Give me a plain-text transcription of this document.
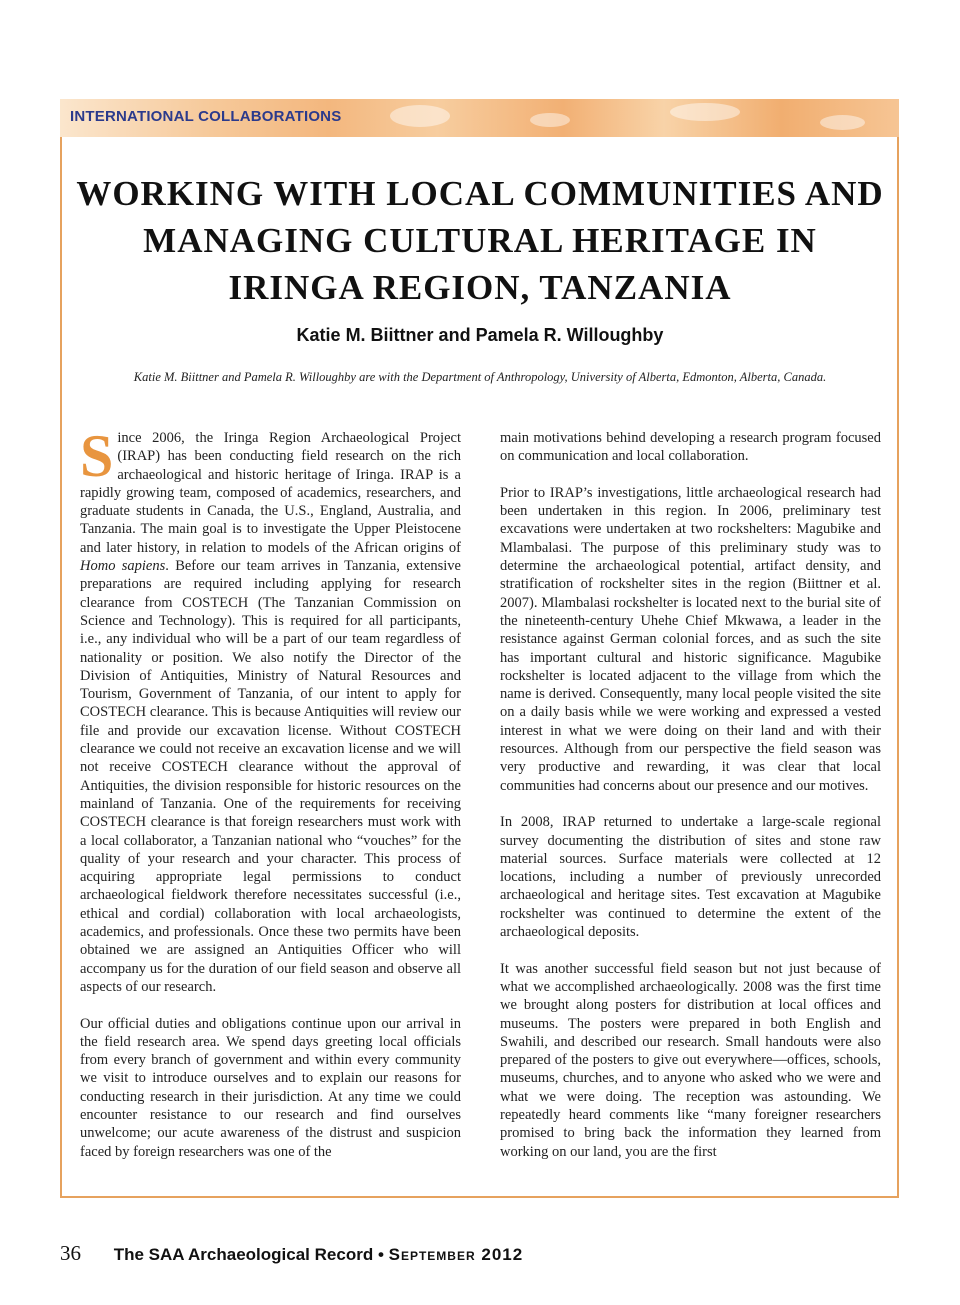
INTERNATIONAL COLLABORATIONS
WORKING WITH LOCAL COMMUNITIES AND MANAGING CULTURAL HERITAGE IN IRINGA REGION, TANZANIA
Katie M. Biittner and Pamela R. Willoughby
Katie M. Biittner and Pamela R. Willoughby are with the Department of Anthropology, University of Alberta, Edmonton, Alberta, Canada.

Since 2006, the Iringa Region Archaeological Project (IRAP) has been conducting field research on the rich archaeological and historic heritage of Iringa. IRAP is a rapidly growing team, composed of academics, researchers, and graduate students in Canada, the U.S., England, Australia, and Tanzania. The main goal is to investigate the Upper Pleistocene and later history, in relation to models of the African origins of Homo sapiens. Before our team arrives in Tanzania, extensive preparations are required including applying for research clearance from COSTECH (The Tanzanian Commission on Science and Technology). This is required for all participants, i.e., any individual who will be a part of our team regardless of nationality or position. We also notify the Director of the Division of Antiquities, Ministry of Natural Resources and Tourism, Government of Tanzania, of our intent to apply for COSTECH clearance. This is because Antiquities will review our file and provide our excavation license. Without COSTECH clearance we could not receive an excavation license and we will not receive COSTECH clearance without the approval of Antiquities, the division responsible for historic resources on the mainland of Tanzania. One of the requirements for receiving COSTECH clearance is that foreign researchers must work with a local collaborator, a Tanzanian national who “vouches” for the quality of your research and your character. This process of acquiring appropriate legal permissions to conduct archaeological fieldwork therefore necessitates successful (i.e., ethical and cordial) collaboration with local archaeologists, academics, and professionals. Once these two permits have been obtained we are assigned an Antiquities Officer who will accompany us for the duration of our field season and observe all aspects of our research.

Our official duties and obligations continue upon our arrival in the field research area. We spend days greeting local officials from every branch of government and within every community we visit to introduce ourselves and to explain our reasons for conducting research in their jurisdiction. At any time we could encounter resistance to our research and find ourselves unwelcome; our acute awareness of the distrust and suspicion faced by foreign researchers was one of the

main motivations behind developing a research program focused on communication and local collaboration.

Prior to IRAP’s investigations, little archaeological research had been undertaken in this region. In 2006, preliminary test excavations were undertaken at two rockshelters: Magubike and Mlambalasi. The purpose of this preliminary study was to determine the archaeological potential, artifact density, and stratification of rockshelter sites in the region (Biittner et al. 2007). Mlambalasi rockshelter is located next to the burial site of the nineteenth-century Uhehe Chief Mkwawa, a leader in the resistance against German colonial forces, and as such the site has important cultural and historic significance. Magubike rockshelter is located adjacent to the village from which the name is derived. Consequently, many local people visited the site on a daily basis while we were working and expressed a vested interest in what we were doing on their land and with their resources. Although from our perspective the field season was very productive and rewarding, it was clear that local communities had concerns about our presence and our motives.

In 2008, IRAP returned to undertake a large-scale regional survey documenting the distribution of sites and stone raw material sources. Surface materials were collected at 12 locations, including a number of previously unrecorded archaeological and heritage sites. Test excavation at Magubike rockshelter was continued to determine the extent of the archaeological deposits.

It was another successful field season but not just because of what we accomplished archaeologically. 2008 was the first time we brought along posters for distribution at local offices and museums. The posters were prepared in both English and Swahili, and described our research. Small handouts were also prepared of the posters to give out everywhere—offices, schools, museums, churches, and to anyone who asked who we were and what we were doing. The reception was astounding. We repeatedly heard comments like “many foreigner researchers promised to bring back the information they learned from working on our land, you are the first

36 The SAA Archaeological Record • September 2012
